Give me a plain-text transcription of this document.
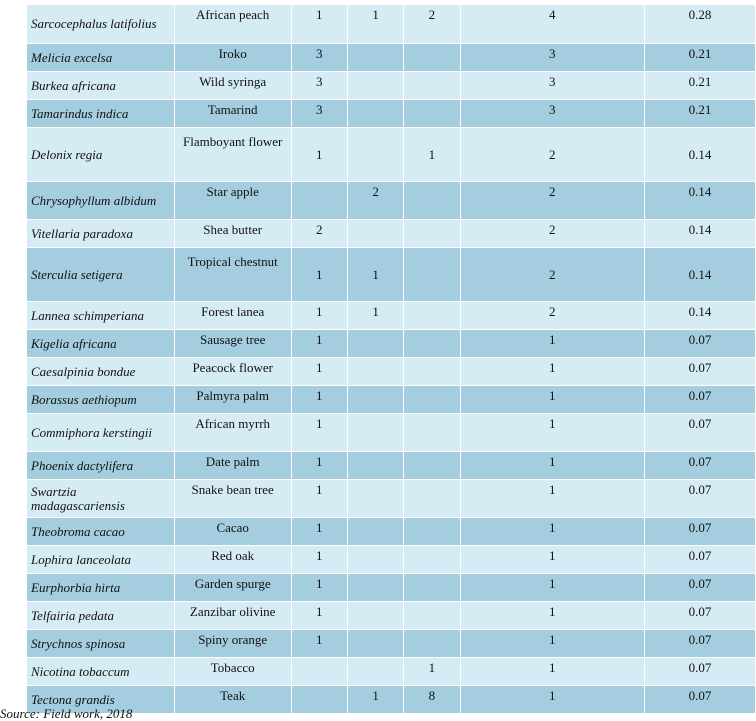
Sarcocephalus latifolius	African peach	1	1	2	4	0.28
Melicia excelsa	Iroko	3			3	0.21
Burkea africana	Wild syringa	3			3	0.21
Tamarindus indica	Tamarind	3			3	0.21
Delonix regia	Flamboyant flower	1		1	2	0.14
Chrysophyllum albidum	Star apple		2		2	0.14
Vitellaria paradoxa	Shea butter	2			2	0.14
Sterculia setigera	Tropical chestnut	1	1		2	0.14
Lannea schimperiana	Forest lanea	1	1		2	0.14
Kigelia africana	Sausage tree	1			1	0.07
Caesalpinia bondue	Peacock flower	1			1	0.07
Borassus aethiopum	Palmyra palm	1			1	0.07
Commiphora kerstingii	African myrrh	1			1	0.07
Phoenix dactylifera	Date palm	1			1	0.07
Swartzia madagascariensis	Snake bean tree	1			1	0.07
Theobroma cacao	Cacao	1			1	0.07
Lophira lanceolata	Red oak	1			1	0.07
Eurphorbia hirta	Garden spurge	1			1	0.07
Telfairia pedata	Zanzibar olivine	1			1	0.07
Strychnos spinosa	Spiny orange	1			1	0.07
Nicotina tobaccum	Tobacco			1	1	0.07
Tectona grandis	Teak		1	8	1	0.07
Source: Field work, 2018
